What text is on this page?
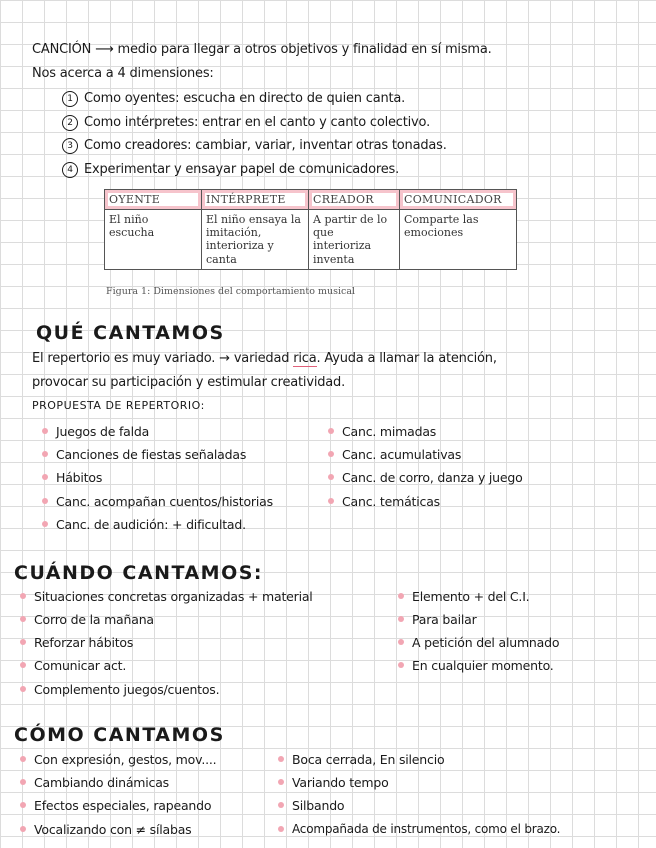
CANCIÓN ⟶ medio para llegar a otros objetivos y finalidad en sí misma.
Nos acerca a 4 dimensiones:
1 Como oyentes: escucha en directo de quien canta.
2 Como intérpretes: entrar en el canto y canto colectivo.
3 Como creadores: cambiar, variar, inventar otras tonadas.
4 Experimentar y ensayar papel de comunicadores.
OYENTE	INTÉRPRETE	CREADOR	COMUNICADOR
El niño escucha	El niño ensaya la imitación, interioriza y canta	A partir de lo que interioriza inventa	Comparte las emociones
Figura 1: Dimensiones del comportamiento musical
QUÉ CANTAMOS
El repertorio es muy variado. → variedad rica. Ayuda a llamar la atención,
provocar su participación y estimular creatividad.
PROPUESTA DE REPERTORIO:
Juegos de falda
Canciones de fiestas señaladas
Hábitos
Canc. acompañan cuentos/historias
Canc. de audición: + dificultad.
Canc. mimadas
Canc. acumulativas
Canc. de corro, danza y juego
Canc. temáticas
CUÁNDO CANTAMOS:
Situaciones concretas organizadas + material
Corro de la mañana
Reforzar hábitos
Comunicar act.
Complemento juegos/cuentos.
Elemento + del C.I.
Para bailar
A petición del alumnado
En cualquier momento.
CÓMO CANTAMOS
Con expresión, gestos, mov....
Cambiando dinámicas
Efectos especiales, rapeando
Vocalizando con ≠ sílabas
Boca cerrada, En silencio
Variando tempo
Silbando
Acompañada de instrumentos, como el brazo.
